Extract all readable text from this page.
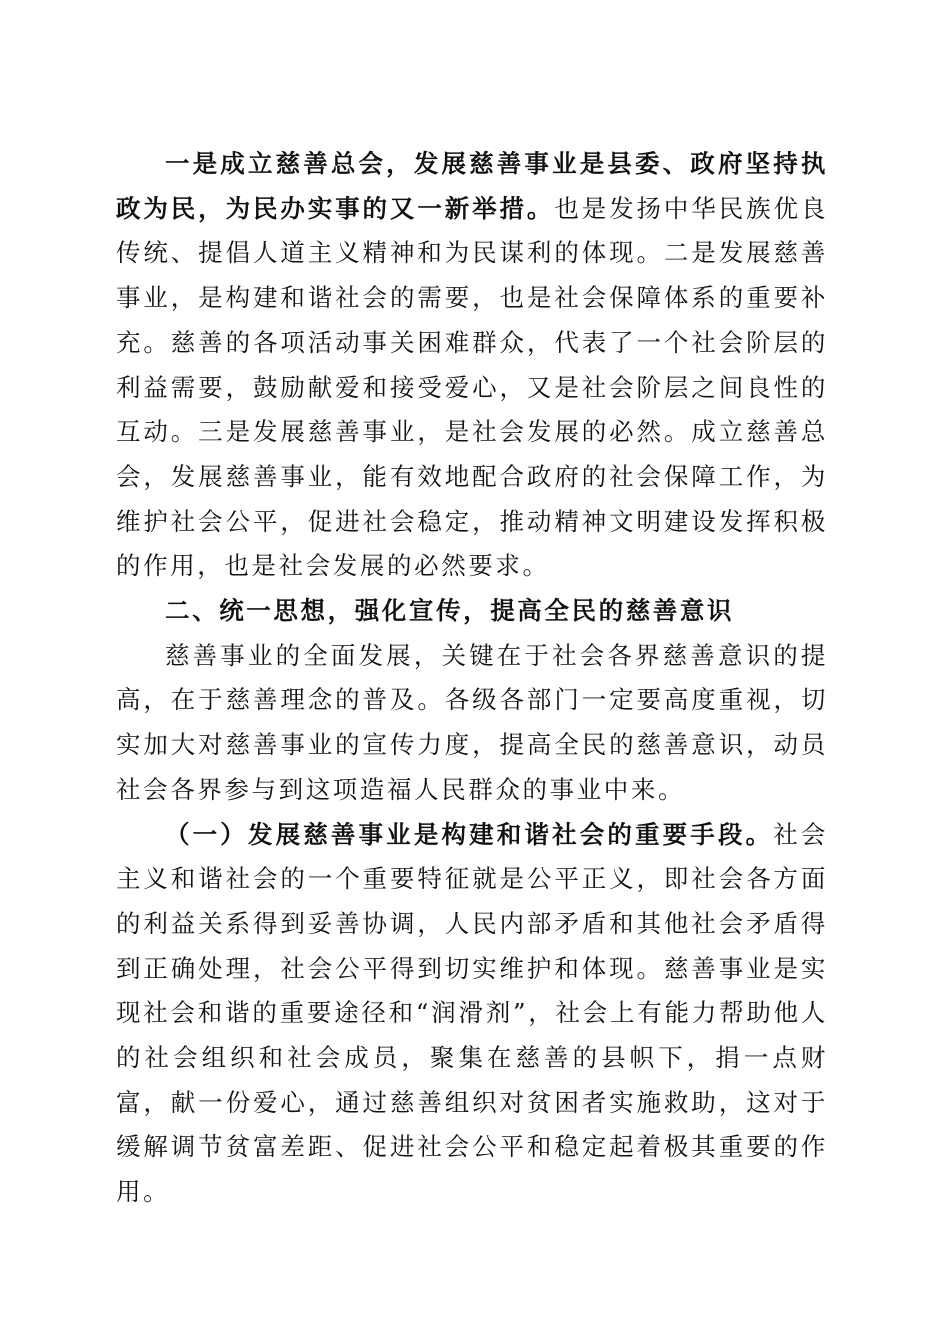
一是成立慈善总会，发展慈善事业是县委、政府坚持执政为民，为民办实事的又一新举措。也是发扬中华民族优良传统、提倡人道主义精神和为民谋利的体现。二是发展慈善事业，是构建和谐社会的需要，也是社会保障体系的重要补充。慈善的各项活动事关困难群众，代表了一个社会阶层的利益需要，鼓励献爱和接受爱心，又是社会阶层之间良性的互动。三是发展慈善事业，是社会发展的必然。成立慈善总会，发展慈善事业，能有效地配合政府的社会保障工作，为维护社会公平，促进社会稳定，推动精神文明建设发挥积极的作用，也是社会发展的必然要求。

二、统一思想，强化宣传，提高全民的慈善意识

慈善事业的全面发展，关键在于社会各界慈善意识的提高，在于慈善理念的普及。各级各部门一定要高度重视，切实加大对慈善事业的宣传力度，提高全民的慈善意识，动员社会各界参与到这项造福人民群众的事业中来。

（一）发展慈善事业是构建和谐社会的重要手段。社会主义和谐社会的一个重要特征就是公平正义，即社会各方面的利益关系得到妥善协调，人民内部矛盾和其他社会矛盾得到正确处理，社会公平得到切实维护和体现。慈善事业是实现社会和谐的重要途径和“润滑剂”，社会上有能力帮助他人的社会组织和社会成员，聚集在慈善的县帜下，捐一点财富，献一份爱心，通过慈善组织对贫困者实施救助，这对于缓解调节贫富差距、促进社会公平和稳定起着极其重要的作用。
